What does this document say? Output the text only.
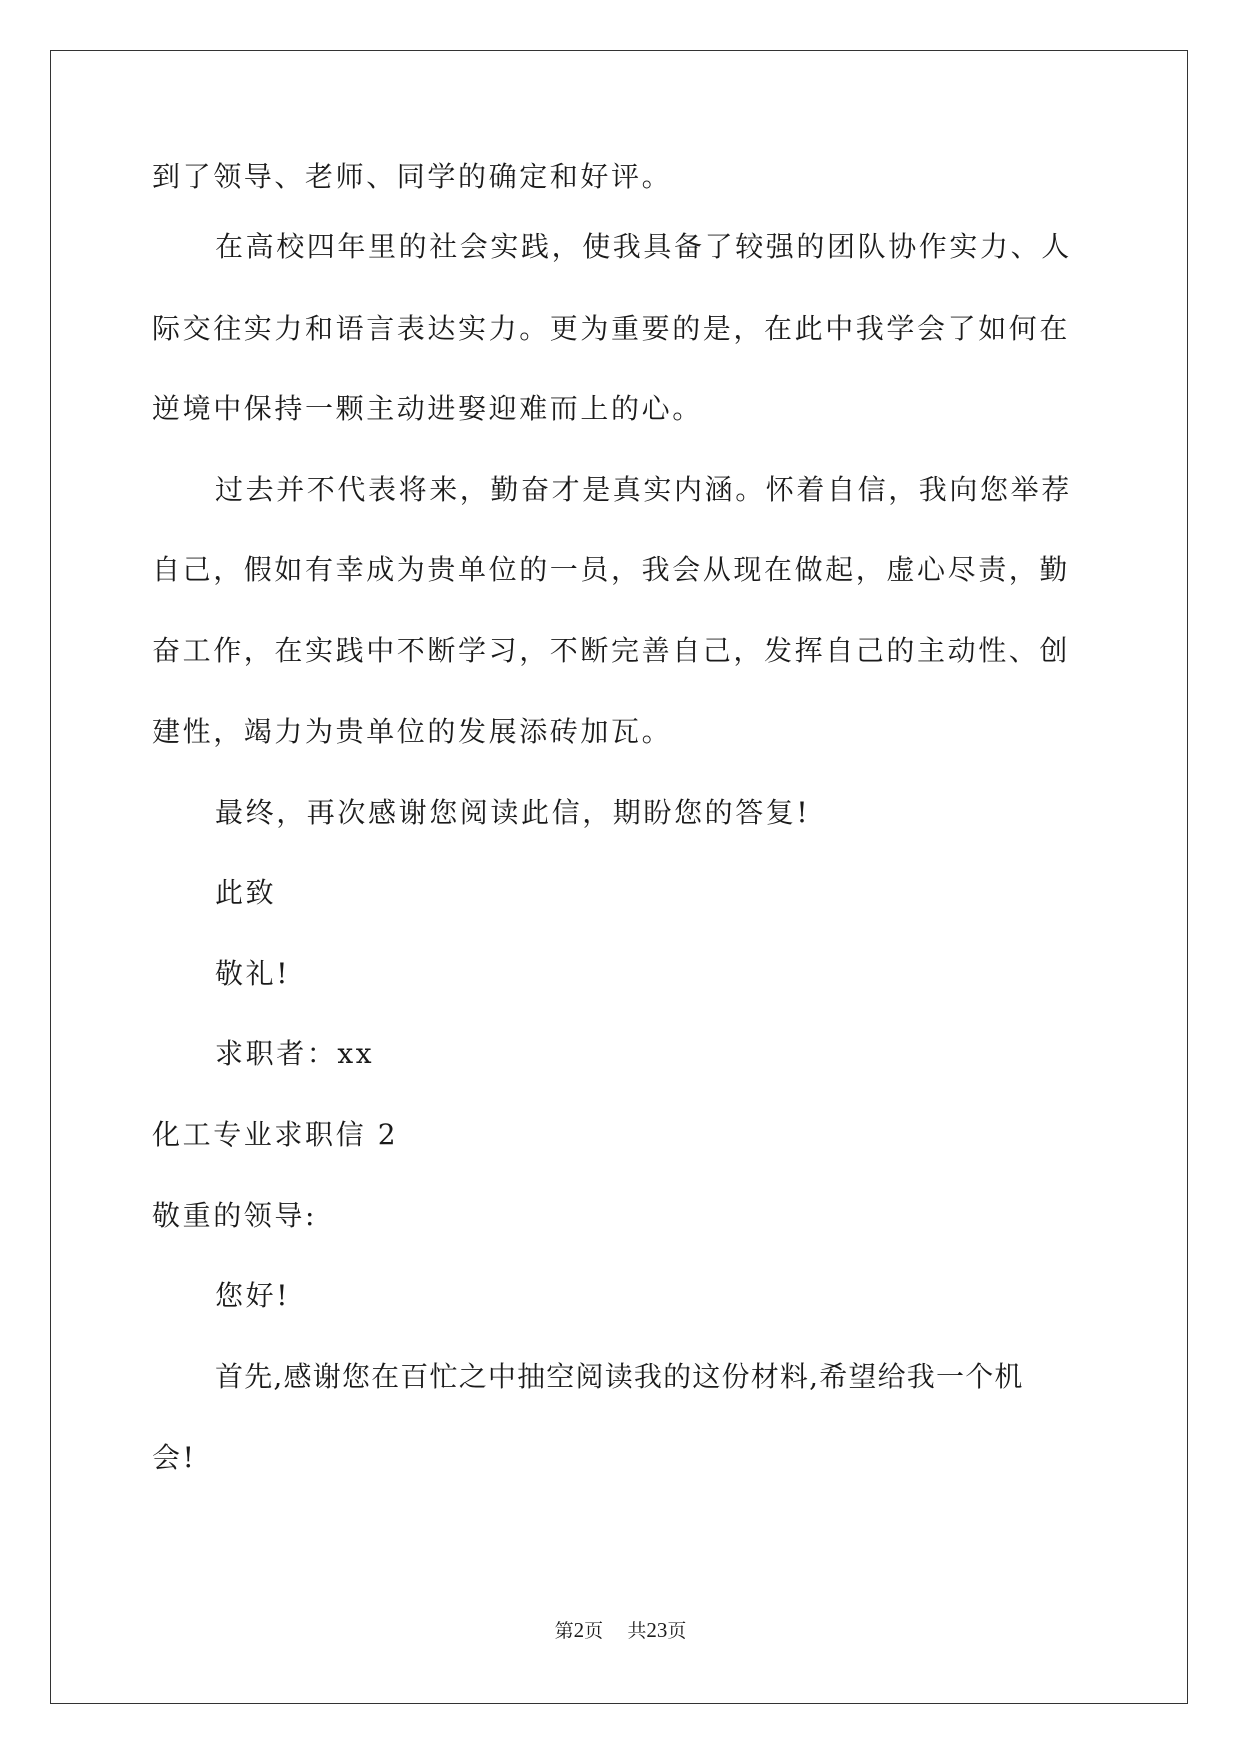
到了领导、老师、同学的确定和好评。
在高校四年里的社会实践，使我具备了较强的团队协作实力、人
际交往实力和语言表达实力。更为重要的是，在此中我学会了如何在
逆境中保持一颗主动进娶迎难而上的心。
过去并不代表将来，勤奋才是真实内涵。怀着自信，我向您举荐
自己，假如有幸成为贵单位的一员，我会从现在做起，虚心尽责，勤
奋工作，在实践中不断学习，不断完善自己，发挥自己的主动性、创
建性，竭力为贵单位的发展添砖加瓦。
最终，再次感谢您阅读此信，期盼您的答复!
此致
敬礼!
求职者：xx
化工专业求职信 2
敬重的领导:
您好!
首先,感谢您在百忙之中抽空阅读我的这份材料,希望给我一个机
会!
第2页 共23页
